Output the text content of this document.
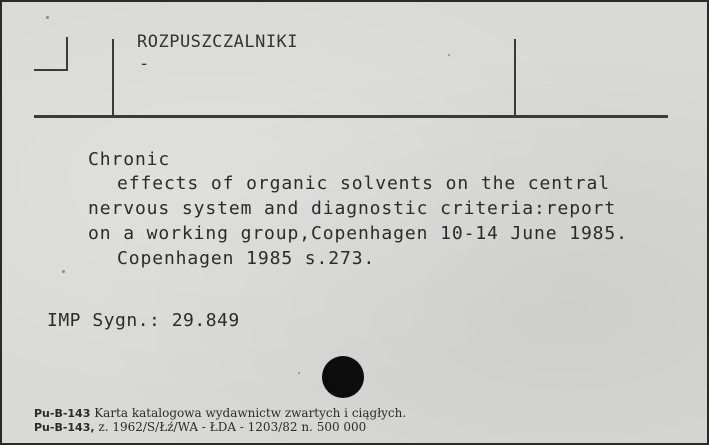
ROZPUSZCZALNIKI
-
Chronic
effects of organic solvents on the central
nervous system and diagnostic criteria:report
on a working group,Copenhagen 10-14 June 1985.
Copenhagen 1985 s.273.
IMP Sygn.: 29.849
Pu-B-143 Karta katalogowa wydawnictw zwartych i ciągłych.
Pu-B-143, z. 1962/S/Łź/WA - ŁDA - 1203/82 n. 500 000
